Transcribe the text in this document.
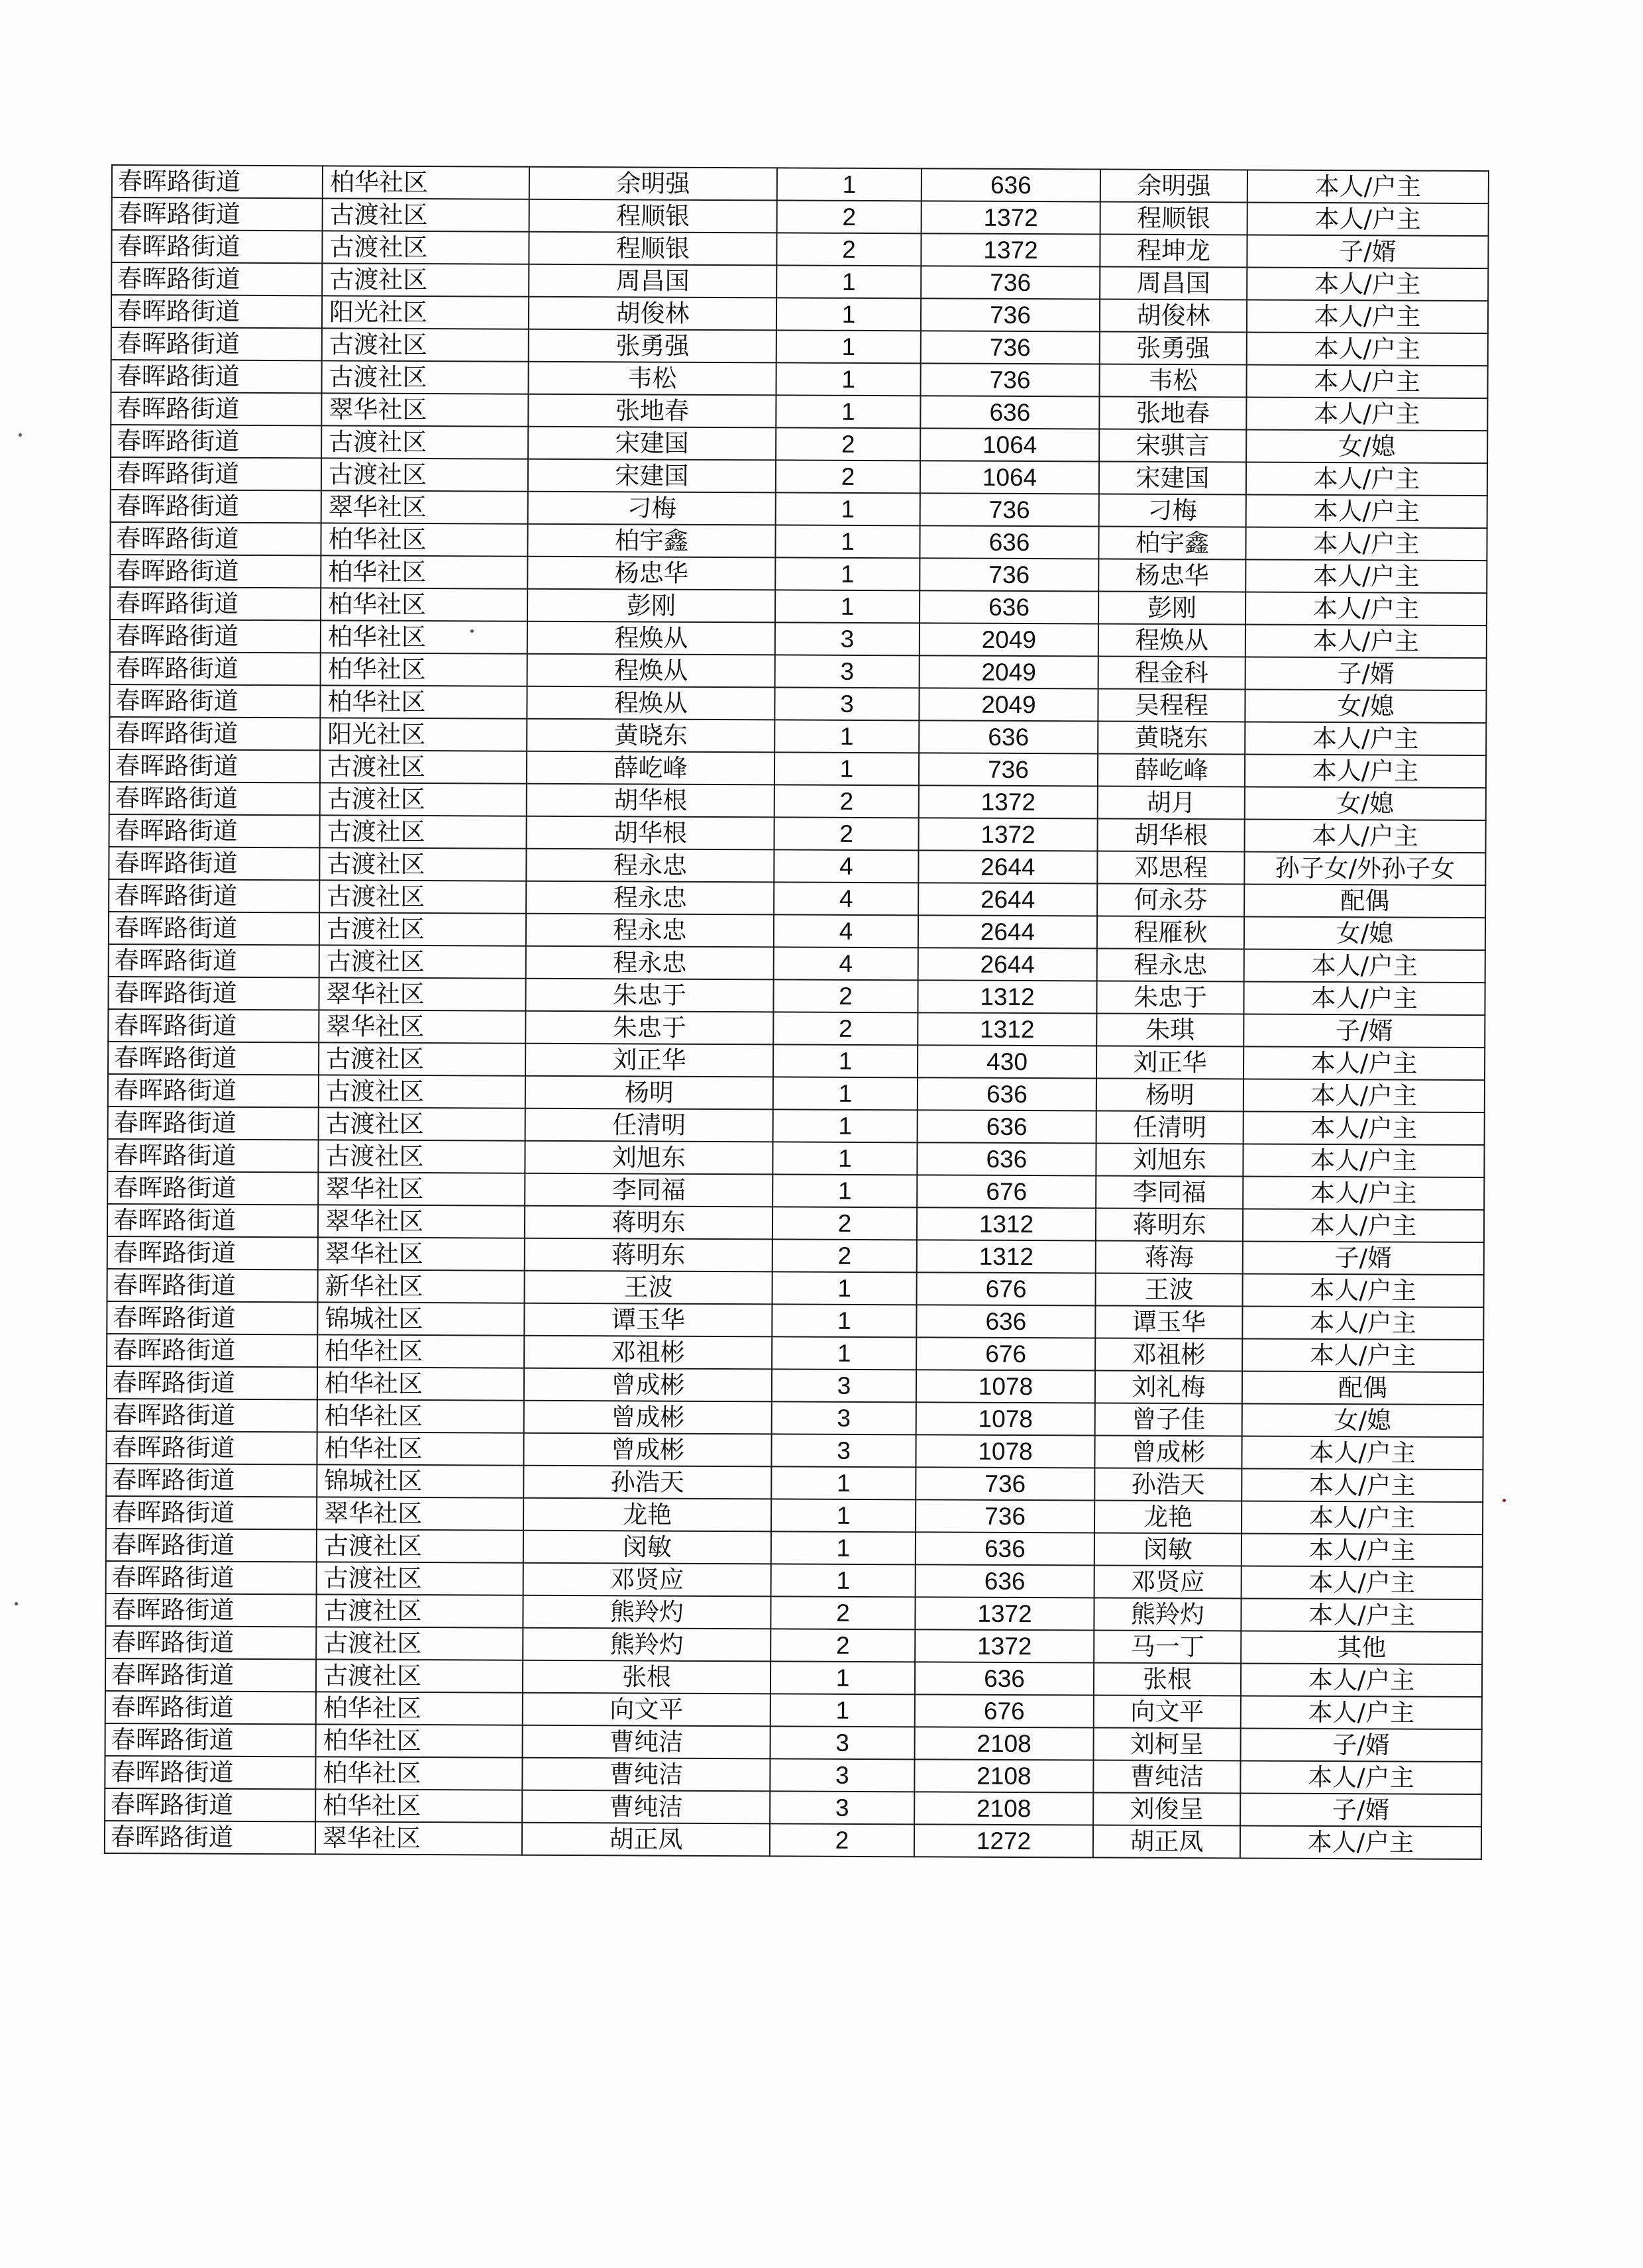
春晖路街道	柏华社区	余明强	1	636	余明强	本人/户主
春晖路街道	古渡社区	程顺银	2	1372	程顺银	本人/户主
春晖路街道	古渡社区	程顺银	2	1372	程坤龙	子/婿
春晖路街道	古渡社区	周昌国	1	736	周昌国	本人/户主
春晖路街道	阳光社区	胡俊林	1	736	胡俊林	本人/户主
春晖路街道	古渡社区	张勇强	1	736	张勇强	本人/户主
春晖路街道	古渡社区	韦松	1	736	韦松	本人/户主
春晖路街道	翠华社区	张地春	1	636	张地春	本人/户主
春晖路街道	古渡社区	宋建国	2	1064	宋骐言	女/媳
春晖路街道	古渡社区	宋建国	2	1064	宋建国	本人/户主
春晖路街道	翠华社区	刁梅	1	736	刁梅	本人/户主
春晖路街道	柏华社区	柏宇鑫	1	636	柏宇鑫	本人/户主
春晖路街道	柏华社区	杨忠华	1	736	杨忠华	本人/户主
春晖路街道	柏华社区	彭刚	1	636	彭刚	本人/户主
春晖路街道	柏华社区	程焕从	3	2049	程焕从	本人/户主
春晖路街道	柏华社区	程焕从	3	2049	程金科	子/婿
春晖路街道	柏华社区	程焕从	3	2049	吴程程	女/媳
春晖路街道	阳光社区	黄晓东	1	636	黄晓东	本人/户主
春晖路街道	古渡社区	薛屹峰	1	736	薛屹峰	本人/户主
春晖路街道	古渡社区	胡华根	2	1372	胡月	女/媳
春晖路街道	古渡社区	胡华根	2	1372	胡华根	本人/户主
春晖路街道	古渡社区	程永忠	4	2644	邓思程	孙子女/外孙子女
春晖路街道	古渡社区	程永忠	4	2644	何永芬	配偶
春晖路街道	古渡社区	程永忠	4	2644	程雁秋	女/媳
春晖路街道	古渡社区	程永忠	4	2644	程永忠	本人/户主
春晖路街道	翠华社区	朱忠于	2	1312	朱忠于	本人/户主
春晖路街道	翠华社区	朱忠于	2	1312	朱琪	子/婿
春晖路街道	古渡社区	刘正华	1	430	刘正华	本人/户主
春晖路街道	古渡社区	杨明	1	636	杨明	本人/户主
春晖路街道	古渡社区	任清明	1	636	任清明	本人/户主
春晖路街道	古渡社区	刘旭东	1	636	刘旭东	本人/户主
春晖路街道	翠华社区	李同福	1	676	李同福	本人/户主
春晖路街道	翠华社区	蒋明东	2	1312	蒋明东	本人/户主
春晖路街道	翠华社区	蒋明东	2	1312	蒋海	子/婿
春晖路街道	新华社区	王波	1	676	王波	本人/户主
春晖路街道	锦城社区	谭玉华	1	636	谭玉华	本人/户主
春晖路街道	柏华社区	邓祖彬	1	676	邓祖彬	本人/户主
春晖路街道	柏华社区	曾成彬	3	1078	刘礼梅	配偶
春晖路街道	柏华社区	曾成彬	3	1078	曾子佳	女/媳
春晖路街道	柏华社区	曾成彬	3	1078	曾成彬	本人/户主
春晖路街道	锦城社区	孙浩天	1	736	孙浩天	本人/户主
春晖路街道	翠华社区	龙艳	1	736	龙艳	本人/户主
春晖路街道	古渡社区	闵敏	1	636	闵敏	本人/户主
春晖路街道	古渡社区	邓贤应	1	636	邓贤应	本人/户主
春晖路街道	古渡社区	熊羚灼	2	1372	熊羚灼	本人/户主
春晖路街道	古渡社区	熊羚灼	2	1372	马一丁	其他
春晖路街道	古渡社区	张根	1	636	张根	本人/户主
春晖路街道	柏华社区	向文平	1	676	向文平	本人/户主
春晖路街道	柏华社区	曹纯洁	3	2108	刘柯呈	子/婿
春晖路街道	柏华社区	曹纯洁	3	2108	曹纯洁	本人/户主
春晖路街道	柏华社区	曹纯洁	3	2108	刘俊呈	子/婿
春晖路街道	翠华社区	胡正凤	2	1272	胡正凤	本人/户主
